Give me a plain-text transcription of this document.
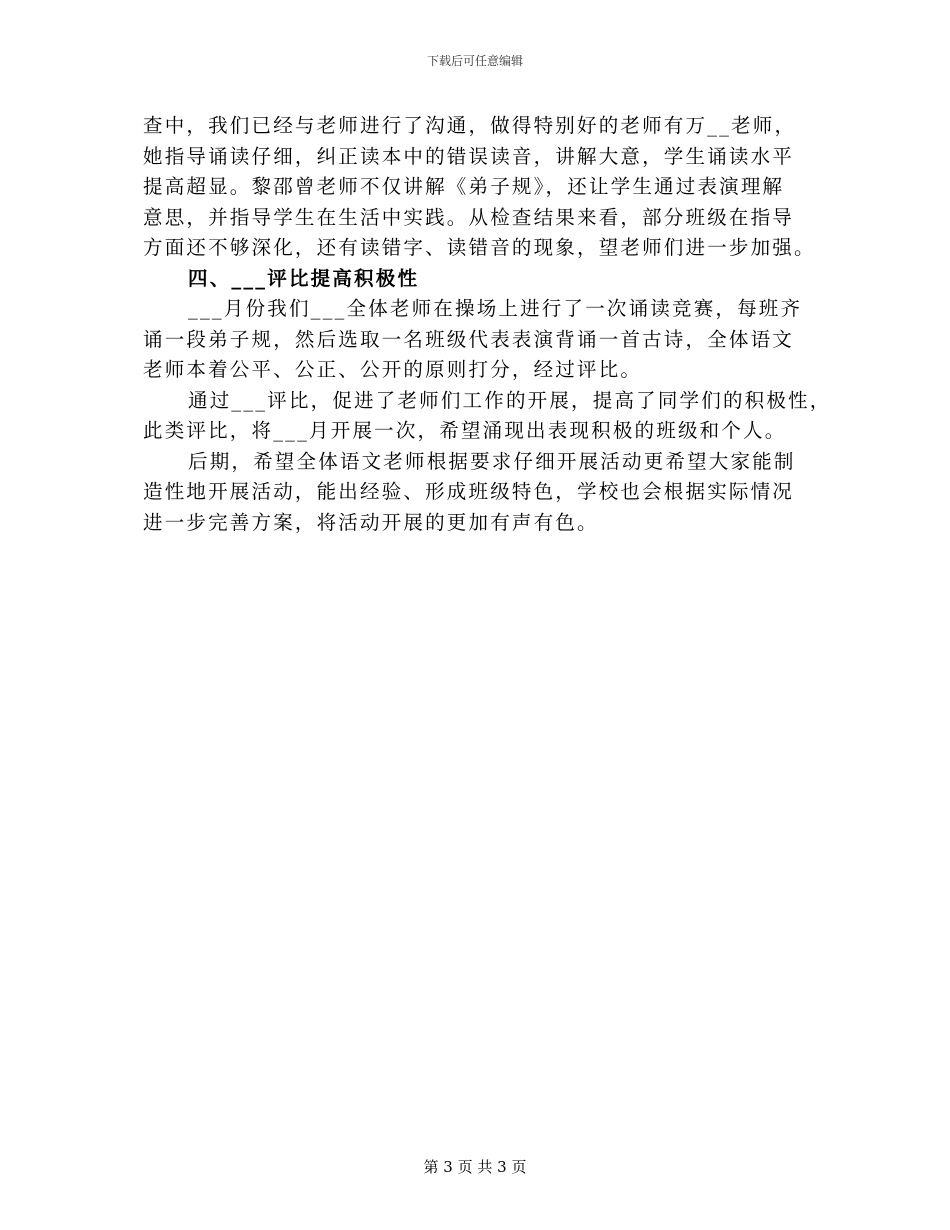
下载后可任意编辑
查中，我们已经与老师进行了沟通，做得特别好的老师有万__老师，
她指导诵读仔细，纠正读本中的错误读音，讲解大意，学生诵读水平
提高超显。黎邵曾老师不仅讲解《弟子规》，还让学生通过表演理解
意思，并指导学生在生活中实践。从检查结果来看，部分班级在指导
方面还不够深化，还有读错字、读错音的现象，望老师们进一步加强。
四、___评比提高积极性
___月份我们___全体老师在操场上进行了一次诵读竞赛，每班齐
诵一段弟子规，然后选取一名班级代表表演背诵一首古诗，全体语文
老师本着公平、公正、公开的原则打分，经过评比。
通过___评比，促进了老师们工作的开展，提高了同学们的积极性，
此类评比，将___月开展一次，希望涌现出表现积极的班级和个人。
后期，希望全体语文老师根据要求仔细开展活动更希望大家能制
造性地开展活动，能出经验、形成班级特色，学校也会根据实际情况
进一步完善方案，将活动开展的更加有声有色。
第 3 页 共 3 页
